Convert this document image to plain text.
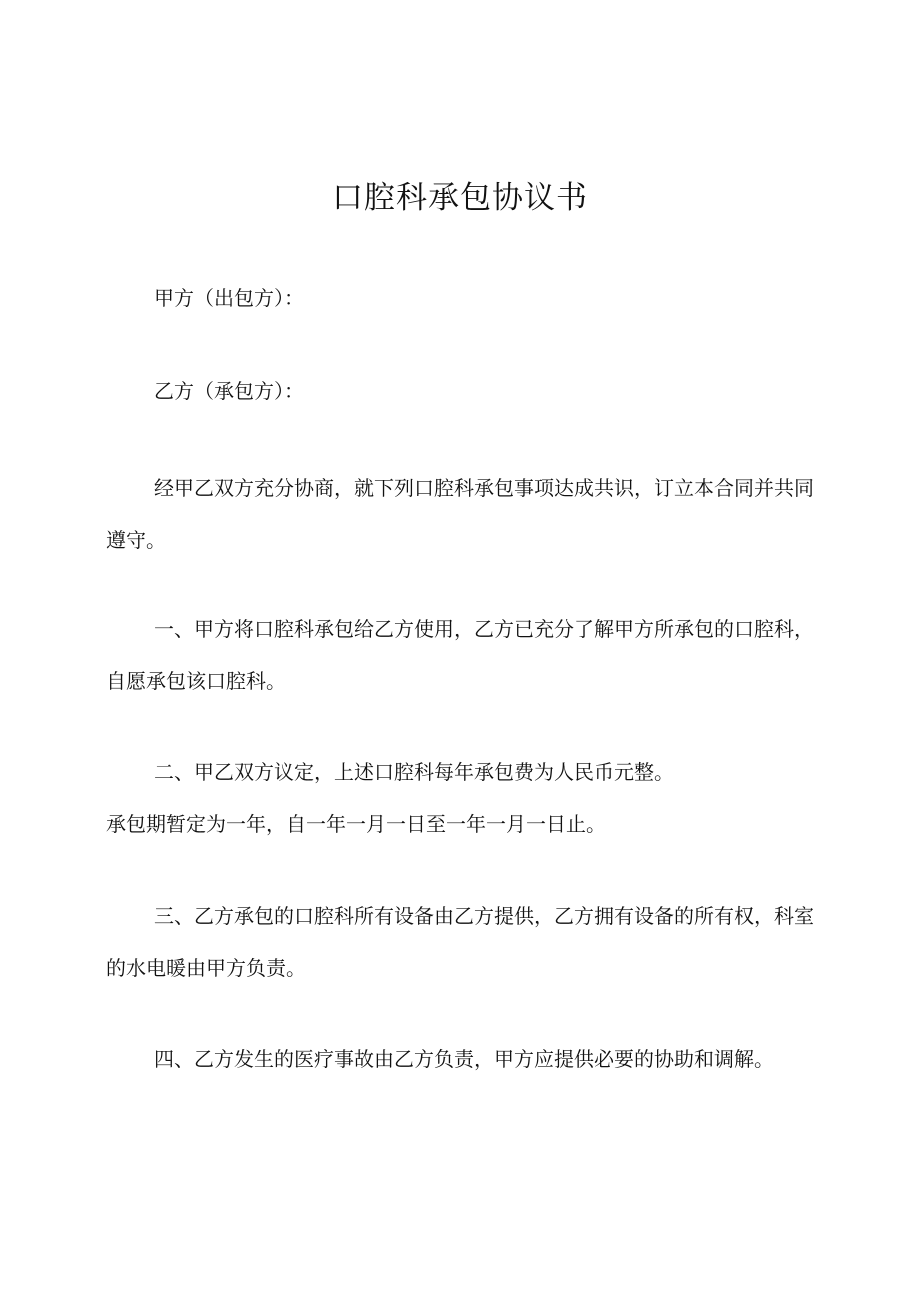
口腔科承包协议书

甲方（出包方）：

乙方（承包方）：

经甲乙双方充分协商，就下列口腔科承包事项达成共识，订立本合同并共同遵守。

一、甲方将口腔科承包给乙方使用，乙方已充分了解甲方所承包的口腔科，自愿承包该口腔科。

二、甲乙双方议定，上述口腔科每年承包费为人民币元整。

承包期暂定为一年，自一年一月一日至一年一月一日止。

三、乙方承包的口腔科所有设备由乙方提供，乙方拥有设备的所有权，科室的水电暖由甲方负责。

四、乙方发生的医疗事故由乙方负责，甲方应提供必要的协助和调解。
